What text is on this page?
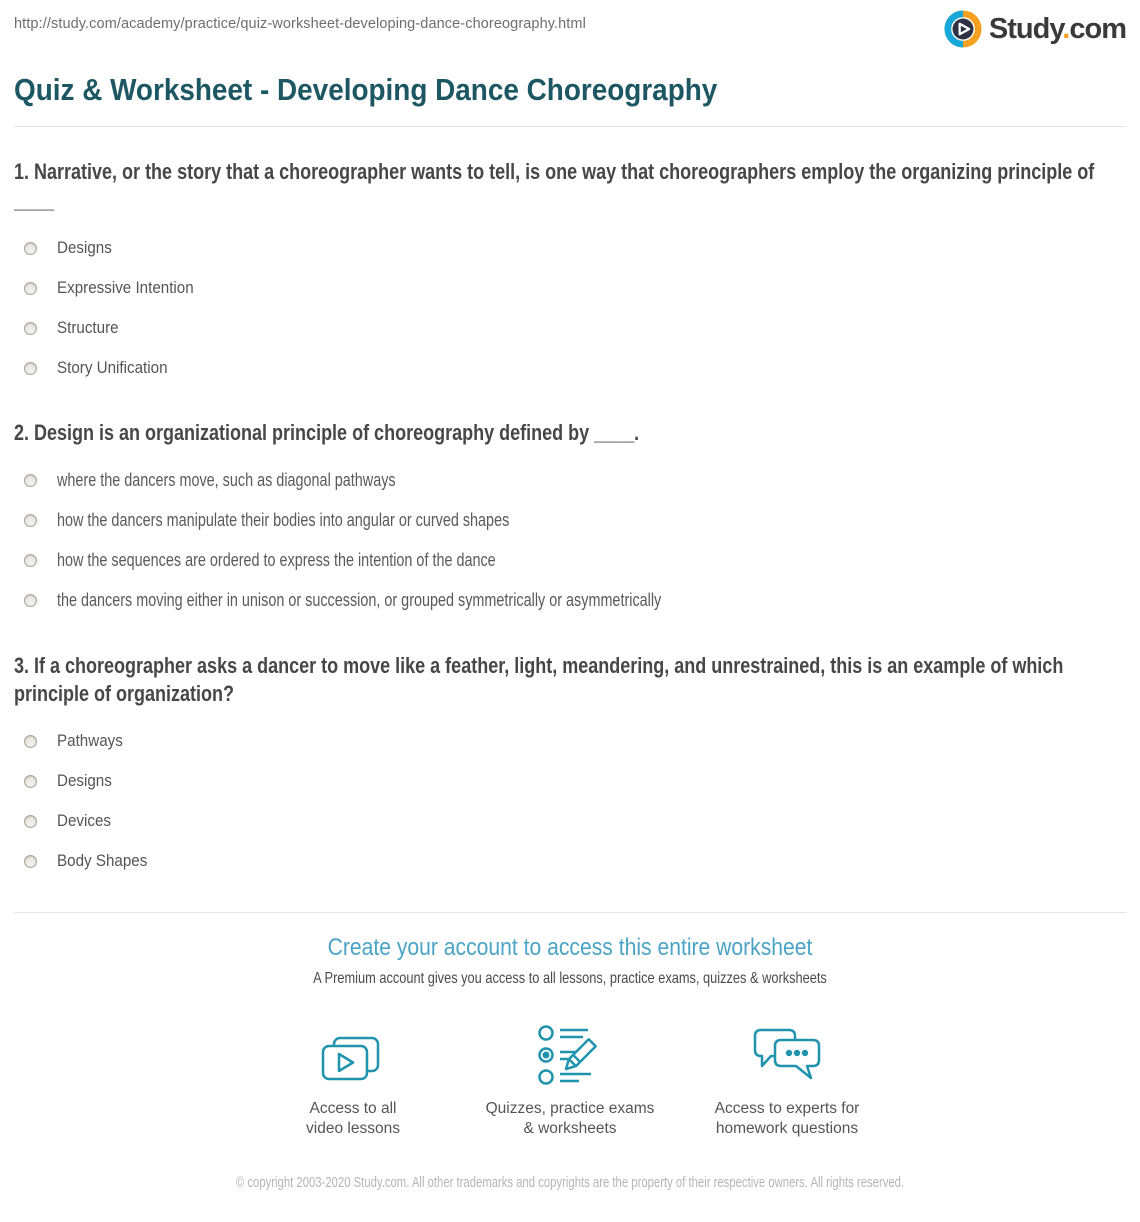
http://study.com/academy/practice/quiz-worksheet-developing-dance-choreography.html	Study.com
Quiz & Worksheet - Developing Dance Choreography
1. Narrative, or the story that a choreographer wants to tell, is one way that choreographers employ the organizing principle of ____
Designs
Expressive Intention
Structure
Story Unification
2. Design is an organizational principle of choreography defined by ____.
where the dancers move, such as diagonal pathways
how the dancers manipulate their bodies into angular or curved shapes
how the sequences are ordered to express the intention of the dance
the dancers moving either in unison or succession, or grouped symmetrically or asymmetrically
3. If a choreographer asks a dancer to move like a feather, light, meandering, and unrestrained, this is an example of which principle of organization?
Pathways
Designs
Devices
Body Shapes
Create your account to access this entire worksheet
A Premium account gives you access to all lessons, practice exams, quizzes & worksheets
Access to all
video lessons
Quizzes, practice exams
& worksheets
Access to experts for
homework questions
© copyright 2003-2020 Study.com. All other trademarks and copyrights are the property of their respective owners. All rights reserved.
